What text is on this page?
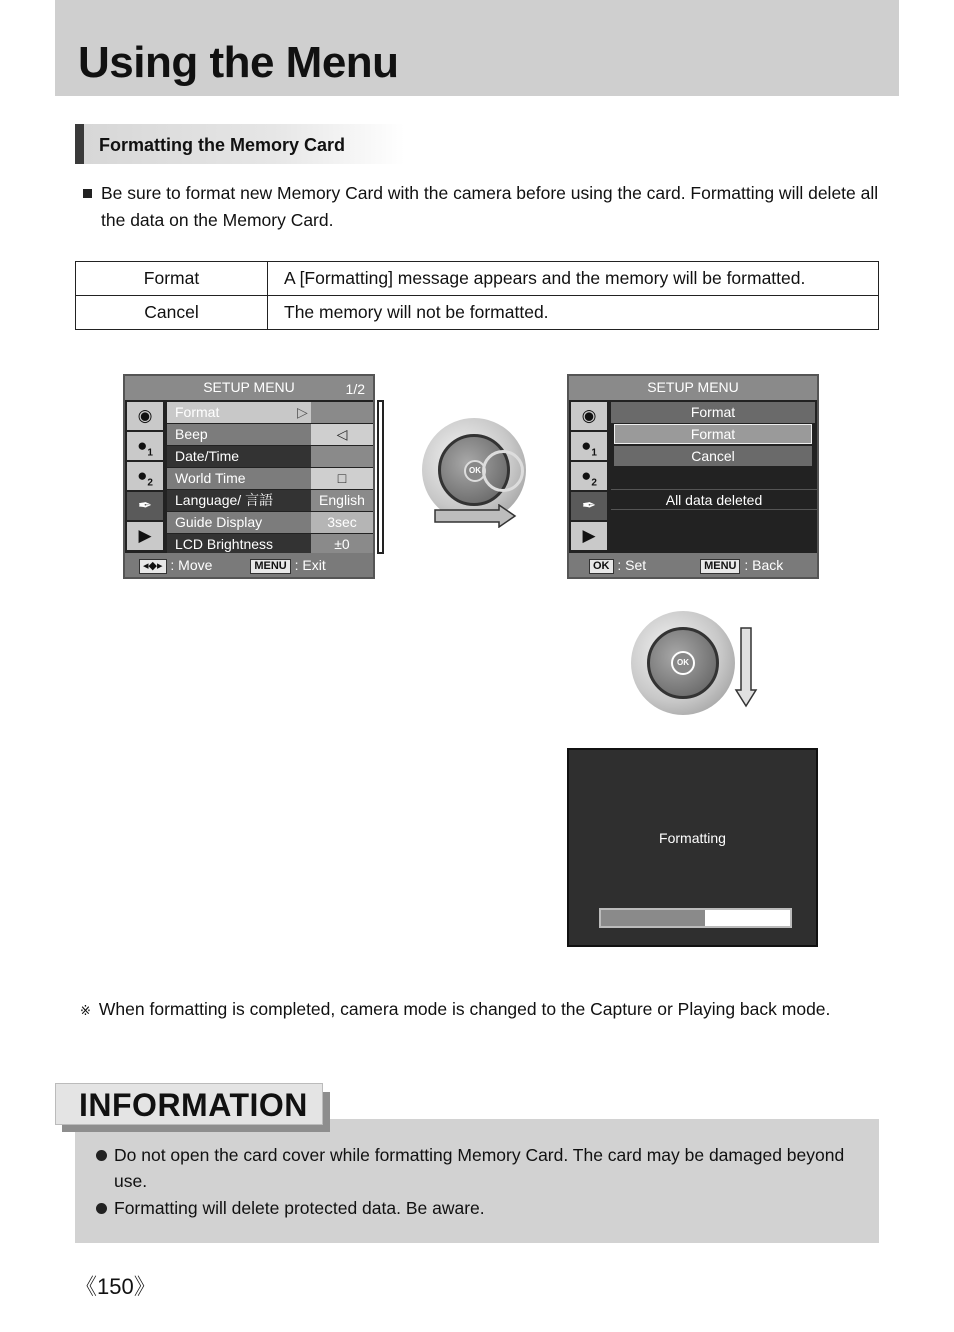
Using the Menu
Formatting the Memory Card
Be sure to format new Memory Card with the camera before using the card. Formatting will delete all the data on the Memory Card.
Format	A [Formatting] message appears and the memory will be formatted.
Cancel	The memory will not be formatted.
SETUP MENU	1/2
◉
$●_1$
$●_2$
✒
▶
Format	▷
Beep	◁
Date/Time
World Time	□
Language/ 言語	English
Guide Display	3sec
LCD Brightness	±0
◂◆▸ : Move	MENU : Exit
OK
SETUP MENU
◉
$●_1$
$●_2$
✒
▶
Format
Format
Cancel
All data deleted
OK : Set	MENU : Back
OK
Formatting
※ When formatting is completed, camera mode is changed to the Capture or Playing back mode.
INFORMATION
Do not open the card cover while formatting Memory Card. The card may be damaged beyond use.
Formatting will delete protected data. Be aware.
《150》
